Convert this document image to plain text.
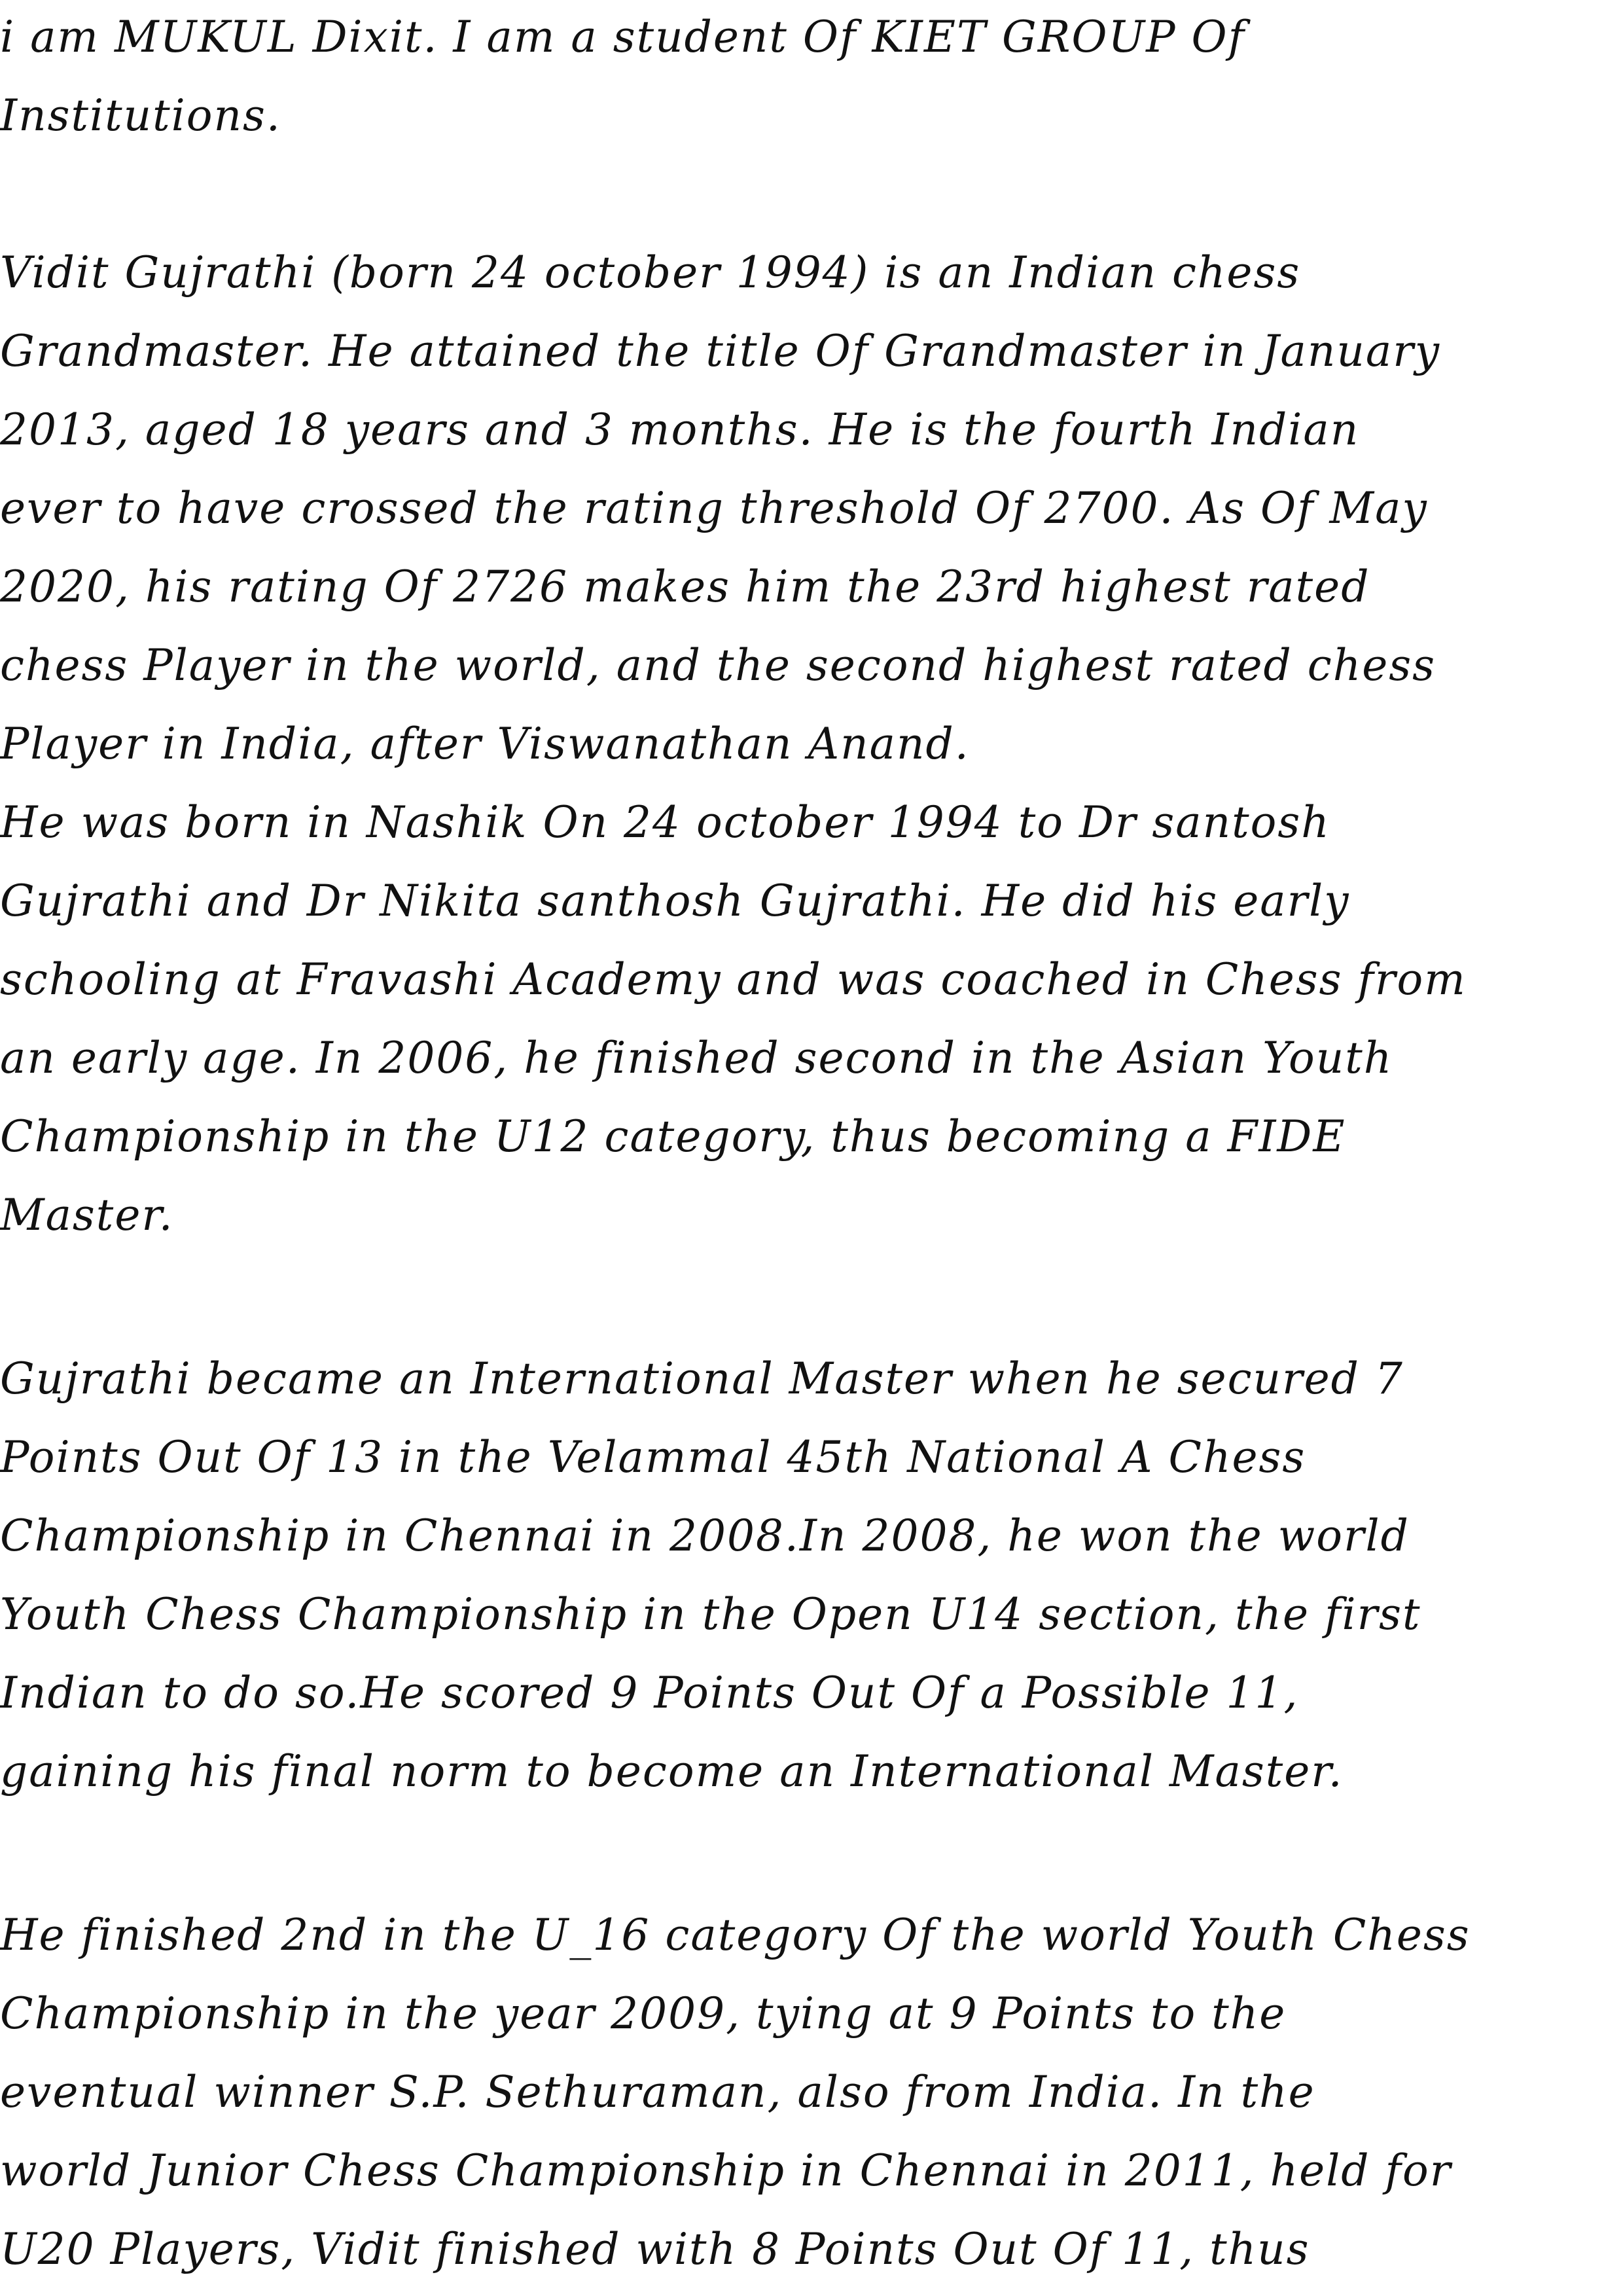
i am MUKUL Dixit. I am a student Of KIET GROUP Of

Institutions.

Vidit Gujrathi (born 24 october 1994) is an Indian chess

Grandmaster. He attained the title Of Grandmaster in January

2013, aged 18 years and 3 months. He is the fourth Indian

ever to have crossed the rating threshold Of 2700. As Of May

2020, his rating Of 2726 makes him the 23rd highest rated

chess Player in the world, and the second highest rated chess

Player in India, after Viswanathan Anand.

He was born in Nashik On 24 october 1994 to Dr santosh

Gujrathi and Dr Nikita santhosh Gujrathi. He did his early

schooling at Fravashi Academy and was coached in Chess from

an early age. In 2006, he finished second in the Asian Youth

Championship in the U12 category, thus becoming a FIDE

Master.

Gujrathi became an International Master when he secured 7

Points Out Of 13 in the Velammal 45th National A Chess

Championship in Chennai in 2008.In 2008, he won the world

Youth Chess Championship in the Open U14 section, the first

Indian to do so.He scored 9 Points Out Of a Possible 11,

gaining his final norm to become an International Master.

He finished 2nd in the U_16 category Of the world Youth Chess

Championship in the year 2009, tying at 9 Points to the

eventual winner S.P. Sethuraman, also from India. In the

world Junior Chess Championship in Chennai in 2011, held for

U20 Players, Vidit finished with 8 Points Out Of 11, thus
